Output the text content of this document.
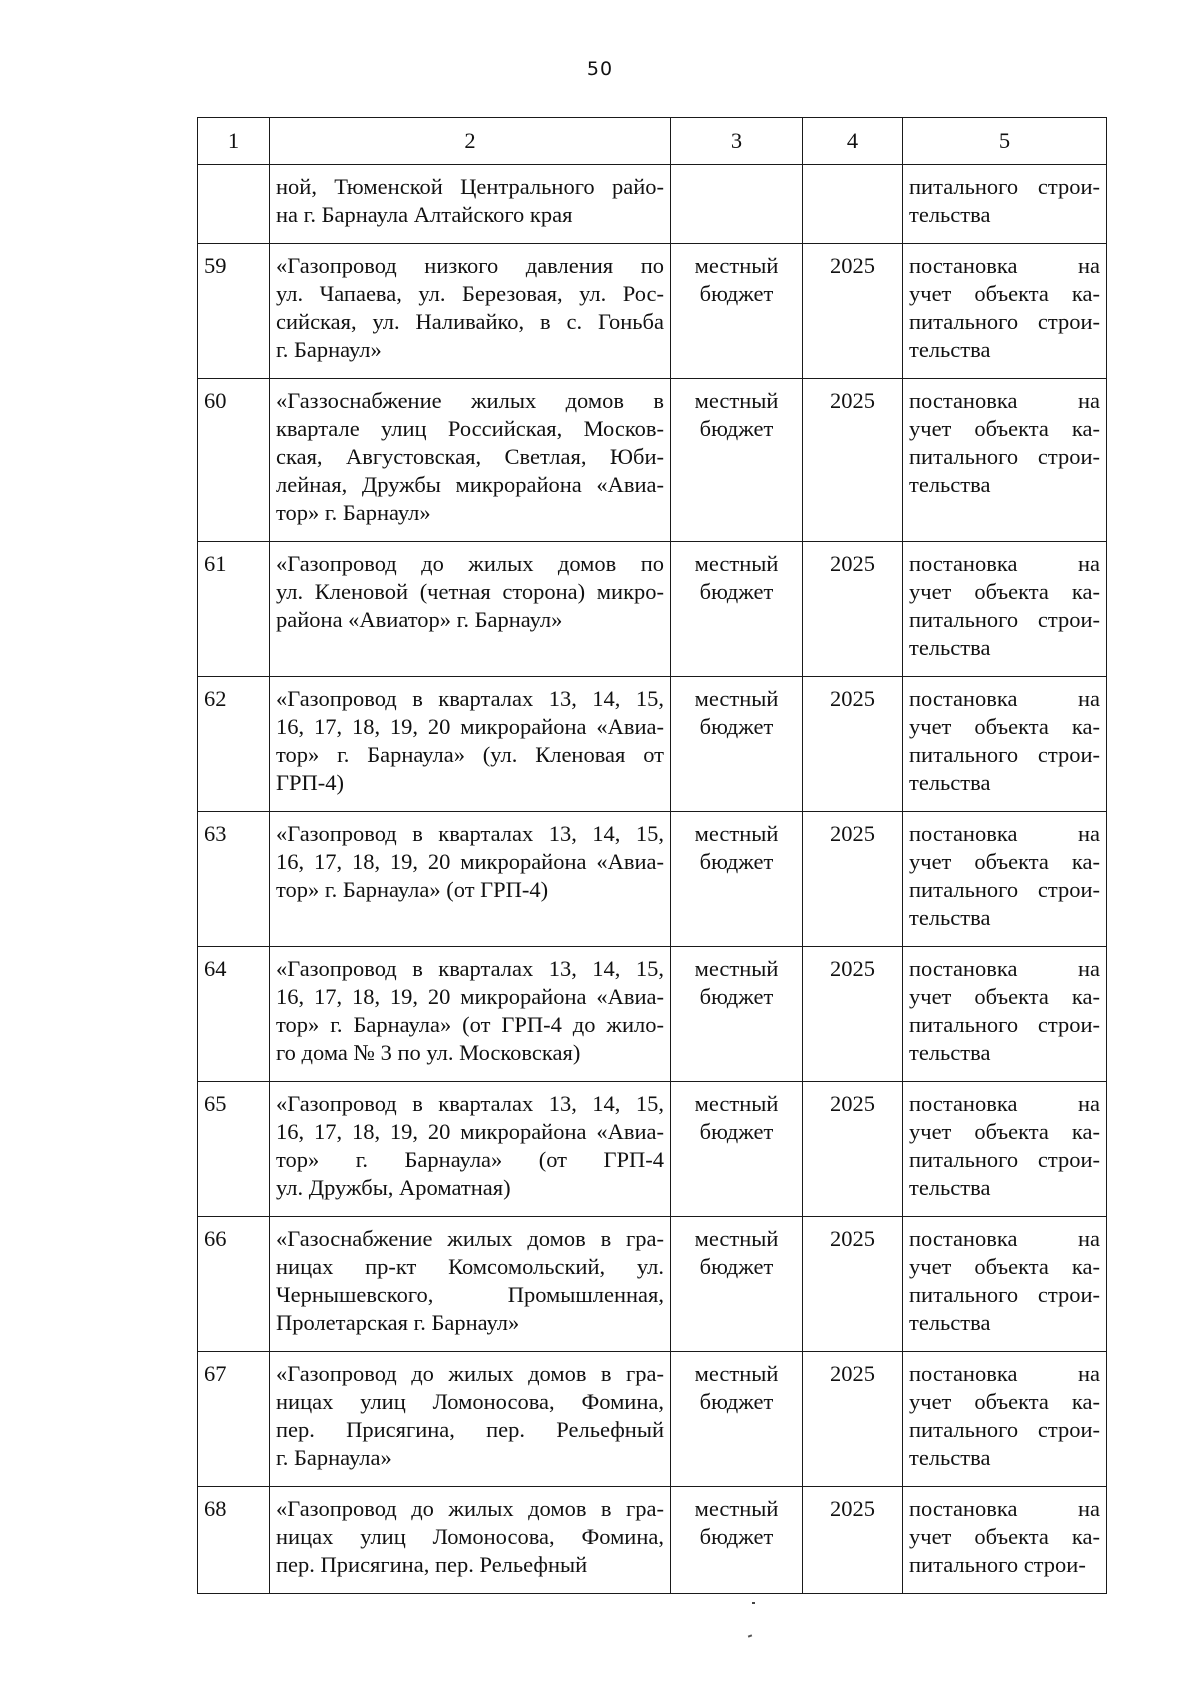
50
1	2	3	4	5

	ной, Тюменской Центрального райо-
на г. Барнаула Алтайского края			питального строи-
тельства

59	«Газопровод низкого давления по
ул. Чапаева, ул. Березовая, ул. Рос-
сийская, ул. Наливайко, в с. Гоньба
г. Барнаул»	местный
бюджет	2025	постановка на
учет объекта ка-
питального строи-
тельства

60	«Газзоснабжение жилых домов в
квартале улиц Российская, Москов-
ская, Августовская, Светлая, Юби-
лейная, Дружбы микрорайона «Авиа-
тор» г. Барнаул»	местный
бюджет	2025	постановка на
учет объекта ка-
питального строи-
тельства

61	«Газопровод до жилых домов по
ул. Кленовой (четная сторона) микро-
района «Авиатор» г. Барнаул»	местный
бюджет	2025	постановка на
учет объекта ка-
питального строи-
тельства

62	«Газопровод в кварталах 13, 14, 15,
16, 17, 18, 19, 20 микрорайона «Авиа-
тор» г. Барнаула» (ул. Кленовая от
ГРП-4)	местный
бюджет	2025	постановка на
учет объекта ка-
питального строи-
тельства

63	«Газопровод в кварталах 13, 14, 15,
16, 17, 18, 19, 20 микрорайона «Авиа-
тор» г. Барнаула» (от ГРП-4)	местный
бюджет	2025	постановка на
учет объекта ка-
питального строи-
тельства

64	«Газопровод в кварталах 13, 14, 15,
16, 17, 18, 19, 20 микрорайона «Авиа-
тор» г. Барнаула» (от ГРП-4 до жило-
го дома № 3 по ул. Московская)	местный
бюджет	2025	постановка на
учет объекта ка-
питального строи-
тельства

65	«Газопровод в кварталах 13, 14, 15,
16, 17, 18, 19, 20 микрорайона «Авиа-
тор» г. Барнаула» (от ГРП-4
ул. Дружбы, Ароматная)	местный
бюджет	2025	постановка на
учет объекта ка-
питального строи-
тельства

66	«Газоснабжение жилых домов в гра-
ницах пр-кт Комсомольский, ул.
Чернышевского, Промышленная,
Пролетарская г. Барнаул»	местный
бюджет	2025	постановка на
учет объекта ка-
питального строи-
тельства

67	«Газопровод до жилых домов в гра-
ницах улиц Ломоносова, Фомина,
пер. Присягина, пер. Рельефный
г. Барнаула»	местный
бюджет	2025	постановка на
учет объекта ка-
питального строи-
тельства

68	«Газопровод до жилых домов в гра-
ницах улиц Ломоносова, Фомина,
пер. Присягина, пер. Рельефный	местный
бюджет	2025	постановка на
учет объекта ка-
питального строи-
